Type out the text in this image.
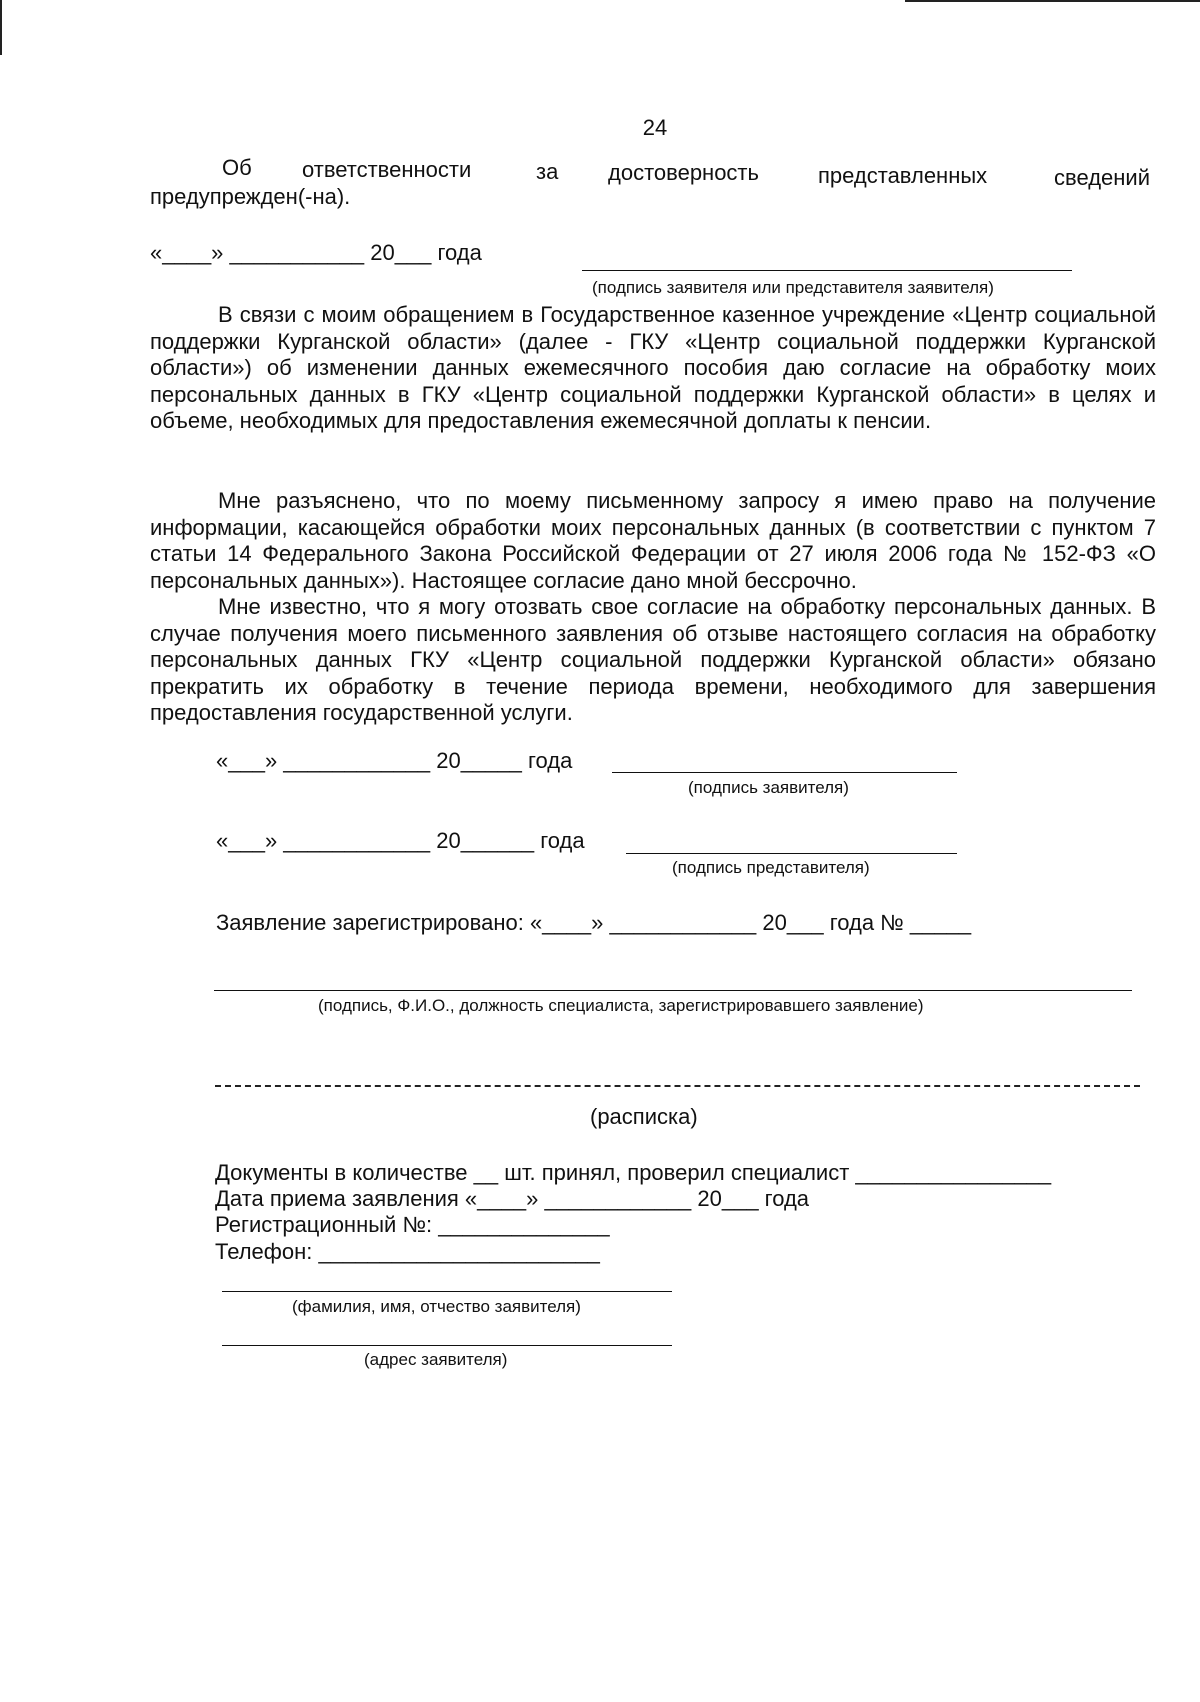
24
Об ответственности	за достоверность	представленных	сведений
предупрежден(-на).
«____» ___________ 20___ года
(подпись заявителя или представителя заявителя)

В связи с моим обращением в Государственное казенное учреждение «Центр социальной поддержки Курганской области» (далее - ГКУ «Центр социальной поддержки Курганской области») об изменении данных ежемесячного пособия даю согласие на обработку моих персональных данных в ГКУ «Центр социальной поддержки Курганской области» в целях и объеме, необходимых для предоставления ежемесячной доплаты к пенсии.

Мне разъяснено, что по моему письменному запросу я имею право на получение информации, касающейся обработки моих персональных данных (в соответствии с пунктом 7 статьи 14 Федерального Закона Российской Федерации от 27 июля 2006 года № 152-ФЗ «О персональных данных»). Настоящее согласие дано мной бессрочно.

Мне известно, что я могу отозвать свое согласие на обработку персональных данных. В случае получения моего письменного заявления об отзыве настоящего согласия на обработку персональных данных ГКУ «Центр социальной поддержки Курганской области» обязано прекратить их обработку в течение периода времени, необходимого для завершения предоставления государственной услуги.

«___» ____________ 20_____ года
(подпись заявителя)
«___» ____________ 20______ года
(подпись представителя)
Заявление зарегистрировано: «____» ____________ 20___ года № _____
(подпись, Ф.И.О., должность специалиста, зарегистрировавшего заявление)
(расписка)
Документы в количестве __ шт. принял, проверил специалист ________________
Дата приема заявления «____» ____________ 20___ года
Регистрационный №: ______________
Телефон: _______________________
(фамилия, имя, отчество заявителя)
(адрес заявителя)
